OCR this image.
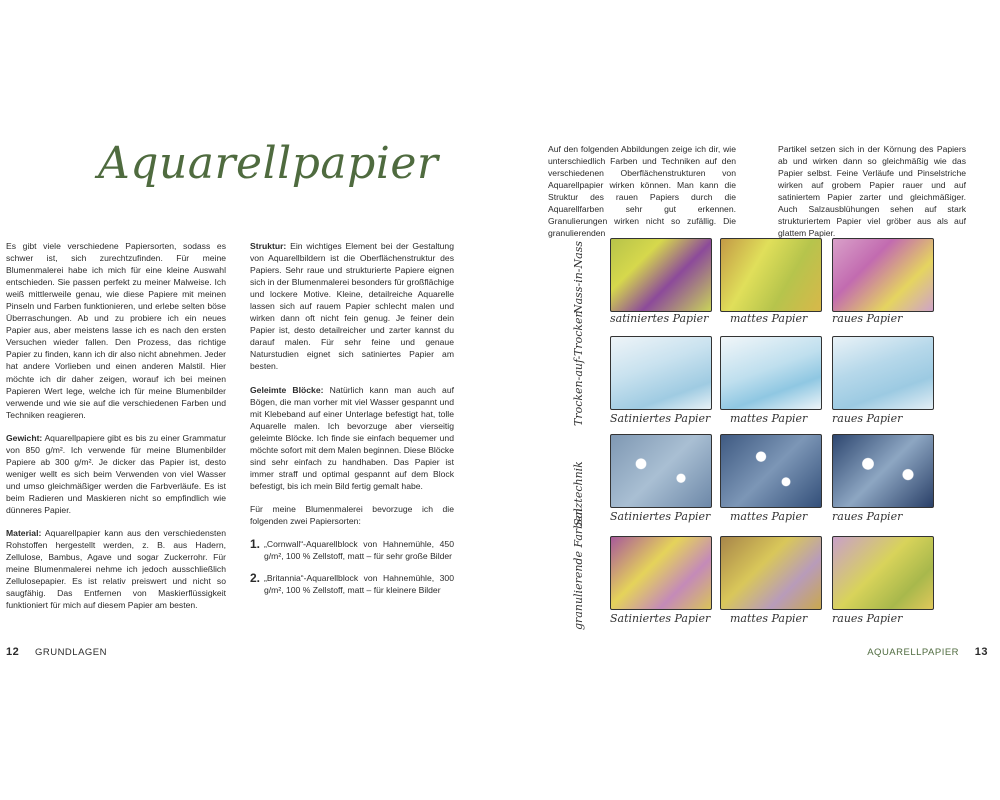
Aquarellpapier

Es gibt viele verschiedene Papiersorten, sodass es schwer ist, sich zurechtzufinden. Für meine Blumenmalerei habe ich mich für eine kleine Auswahl entschieden. Sie passen perfekt zu meiner Malweise. Ich weiß mittlerweile genau, wie diese Papiere mit meinen Pinseln und Farben funktionieren, und erlebe selten böse Überraschungen. Ab und zu probiere ich ein neues Papier aus, aber meistens lasse ich es nach den ersten Versuchen wieder fallen. Den Prozess, das richtige Papier zu finden, kann ich dir also nicht abnehmen. Jeder hat andere Vorlieben und einen anderen Malstil. Hier möchte ich dir daher zeigen, worauf ich bei meinen Papieren Wert lege, welche ich für meine Blumenbilder verwende und wie sie auf die verschiedenen Farben und Techniken reagieren.

Gewicht: Aquarellpapiere gibt es bis zu einer Grammatur von 850 g/m². Ich verwende für meine Blumenbilder Papiere ab 300 g/m². Je dicker das Papier ist, desto weniger wellt es sich beim Verwenden von viel Wasser und umso gleichmäßiger werden die Farbverläufe. Es ist beim Radieren und Maskieren nicht so empfindlich wie dünneres Papier.

Material: Aquarellpapier kann aus den verschiedensten Rohstoffen hergestellt werden, z. B. aus Hadern, Zellulose, Bambus, Agave und sogar Zuckerrohr. Für meine Blumenmalerei nehme ich jedoch ausschließlich Zellulosepapier. Es ist relativ preiswert und nicht so saugfähig. Das Entfernen von Maskierflüssigkeit funktioniert für mich auf diesem Papier am besten.

Struktur: Ein wichtiges Element bei der Gestaltung von Aquarellbildern ist die Oberflächenstruktur des Papiers. Sehr raue und strukturierte Papiere eignen sich in der Blumenmalerei besonders für großflächige und lockere Motive. Kleine, detailreiche Aquarelle lassen sich auf rauem Papier schlecht malen und wirken dann oft nicht fein genug. Je feiner dein Papier ist, desto detailreicher und zarter kannst du darauf malen. Für sehr feine und genaue Naturstudien eignet sich satiniertes Papier am besten.

Geleimte Blöcke: Natürlich kann man auch auf Bögen, die man vorher mit viel Wasser gespannt und mit Klebeband auf einer Unterlage befestigt hat, tolle Aquarelle malen. Ich bevorzuge aber vierseitig geleimte Blöcke. Ich finde sie einfach bequemer und möchte sofort mit dem Malen beginnen. Diese Blöcke sind sehr einfach zu handhaben. Das Papier ist immer straff und optimal gespannt auf dem Block befestigt, bis ich mein Bild fertig gemalt habe.

Für meine Blumenmalerei bevorzuge ich die folgenden zwei Papiersorten:

1. „Cornwall“-Aquarellblock von Hahnemühle, 450 g/m², 100 % Zellstoff, matt – für sehr große Bilder
2. „Britannia“-Aquarellblock von Hahnemühle, 300 g/m², 100 % Zellstoff, matt – für kleinere Bilder

Auf den folgenden Abbildungen zeige ich dir, wie unterschiedlich Farben und Techniken auf den verschiedenen Oberflächenstrukturen von Aquarellpapier wirken können. Man kann die Struktur des rauen Papiers durch die Aquarellfarben sehr gut erkennen. Granulierungen wirken nicht so zufällig. Die granulierenden

Partikel setzen sich in der Körnung des Papiers ab und wirken dann so gleichmäßig wie das Papier selbst. Feine Verläufe und Pinselstriche wirken auf grobem Papier rauer und auf satiniertem Papier zarter und gleichmäßiger. Auch Salzausblühungen sehen auf stark strukturiertem Papier viel gröber aus als auf glattem Papier.

Nass-in-Nass
Trocken-auf-Trocken
Salztechnik
granulierende Farben
satiniertes Papier mattes Papier raues Papier
Satiniertes Papier mattes Papier raues Papier
Satiniertes Papier mattes Papier raues Papier
Satiniertes Papier mattes Papier raues Papier
12 GRUNDLAGEN	AQUARELLPAPIER 13
